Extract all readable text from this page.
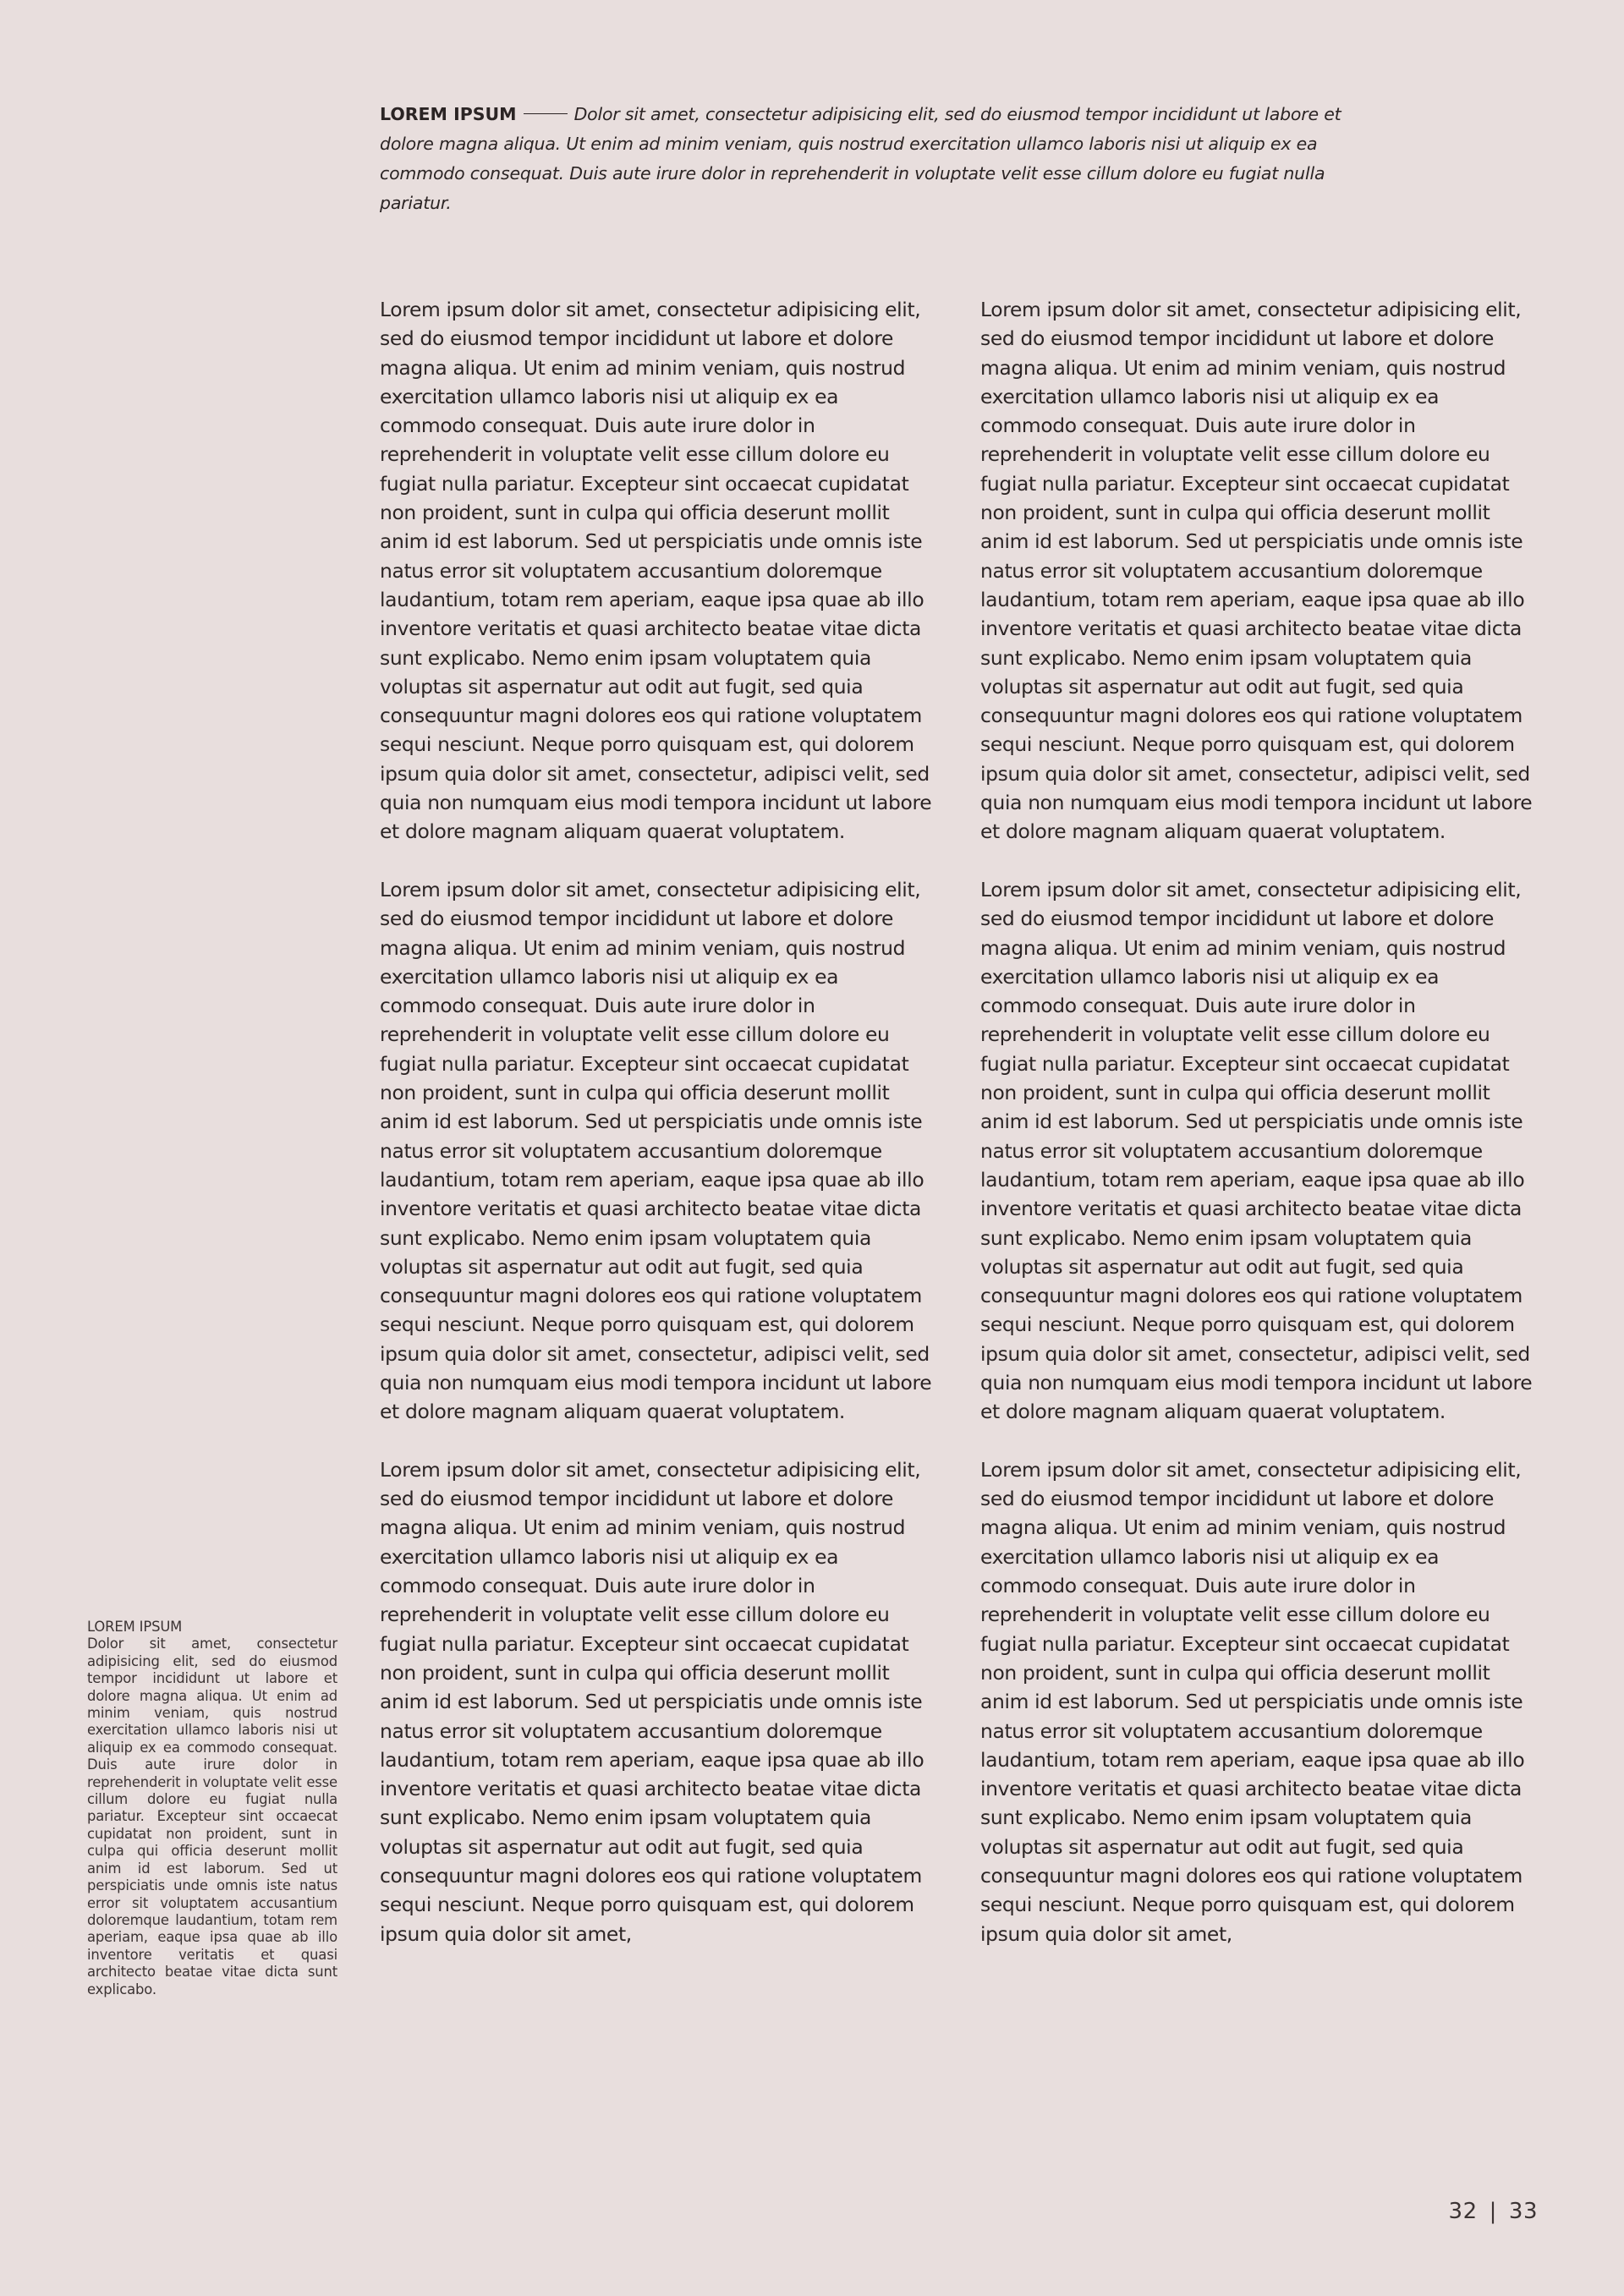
LOREM IPSUM	Dolor sit amet, consectetur adipisicing elit, sed do eiusmod tempor incididunt ut labore et dolore magna aliqua. Ut enim ad minim veniam, quis nostrud exercitation ullamco laboris nisi ut aliquip ex ea commodo consequat. Duis aute irure dolor in reprehenderit in voluptate velit esse cillum dolore eu fugiat nulla pariatur.

Lorem ipsum dolor sit amet, consectetur adipisicing elit, sed do eiusmod tempor incididunt ut labore et dolore magna aliqua. Ut enim ad minim veniam, quis nostrud exercitation ullamco laboris nisi ut aliquip ex ea commodo consequat. Duis aute irure dolor in reprehenderit in voluptate velit esse cillum dolore eu fugiat nulla pariatur. Excepteur sint occaecat cupidatat non proident, sunt in culpa qui officia deserunt mollit anim id est laborum. Sed ut perspiciatis unde omnis iste natus error sit voluptatem accusantium doloremque laudantium, totam rem aperiam, eaque ipsa quae ab illo inventore veritatis et quasi architecto beatae vitae dicta sunt explicabo. Nemo enim ipsam voluptatem quia voluptas sit aspernatur aut odit aut fugit, sed quia consequuntur magni dolores eos qui ratione voluptatem sequi nesciunt. Neque porro quisquam est, qui dolorem ipsum quia dolor sit amet, consectetur, adipisci velit, sed quia non numquam eius modi tempora incidunt ut labore et dolore magnam aliquam quaerat voluptatem.

Lorem ipsum dolor sit amet, consectetur adipisicing elit, sed do eiusmod tempor incididunt ut labore et dolore magna aliqua. Ut enim ad minim veniam, quis nostrud exercitation ullamco laboris nisi ut aliquip ex ea commodo consequat. Duis aute irure dolor in reprehenderit in voluptate velit esse cillum dolore eu fugiat nulla pariatur. Excepteur sint occaecat cupidatat non proident, sunt in culpa qui officia deserunt mollit anim id est laborum. Sed ut perspiciatis unde omnis iste natus error sit voluptatem accusantium doloremque laudantium, totam rem aperiam, eaque ipsa quae ab illo inventore veritatis et quasi architecto beatae vitae dicta sunt explicabo. Nemo enim ipsam voluptatem quia voluptas sit aspernatur aut odit aut fugit, sed quia consequuntur magni dolores eos qui ratione voluptatem sequi nesciunt. Neque porro quisquam est, qui dolorem ipsum quia dolor sit amet, consectetur, adipisci velit, sed quia non numquam eius modi tempora incidunt ut labore et dolore magnam aliquam quaerat voluptatem.

Lorem ipsum dolor sit amet, consectetur adipisicing elit, sed do eiusmod tempor incididunt ut labore et dolore magna aliqua. Ut enim ad minim veniam, quis nostrud exercitation ullamco laboris nisi ut aliquip ex ea commodo consequat. Duis aute irure dolor in reprehenderit in voluptate velit esse cillum dolore eu fugiat nulla pariatur. Excepteur sint occaecat cupidatat non proident, sunt in culpa qui officia deserunt mollit anim id est laborum. Sed ut perspiciatis unde omnis iste natus error sit voluptatem accusantium doloremque laudantium, totam rem aperiam, eaque ipsa quae ab illo inventore veritatis et quasi architecto beatae vitae dicta sunt explicabo. Nemo enim ipsam voluptatem quia voluptas sit aspernatur aut odit aut fugit, sed quia consequuntur magni dolores eos qui ratione voluptatem sequi nesciunt. Neque porro quisquam est, qui dolorem ipsum quia dolor sit amet,

Lorem ipsum dolor sit amet, consectetur adipisicing elit, sed do eiusmod tempor incididunt ut labore et dolore magna aliqua. Ut enim ad minim veniam, quis nostrud exercitation ullamco laboris nisi ut aliquip ex ea commodo consequat. Duis aute irure dolor in reprehenderit in voluptate velit esse cillum dolore eu fugiat nulla pariatur. Excepteur sint occaecat cupidatat non proident, sunt in culpa qui officia deserunt mollit anim id est laborum. Sed ut perspiciatis unde omnis iste natus error sit voluptatem accusantium doloremque laudantium, totam rem aperiam, eaque ipsa quae ab illo inventore veritatis et quasi architecto beatae vitae dicta sunt explicabo. Nemo enim ipsam voluptatem quia voluptas sit aspernatur aut odit aut fugit, sed quia consequuntur magni dolores eos qui ratione voluptatem sequi nesciunt. Neque porro quisquam est, qui dolorem ipsum quia dolor sit amet, consectetur, adipisci velit, sed quia non numquam eius modi tempora incidunt ut labore et dolore magnam aliquam quaerat voluptatem.

Lorem ipsum dolor sit amet, consectetur adipisicing elit, sed do eiusmod tempor incididunt ut labore et dolore magna aliqua. Ut enim ad minim veniam, quis nostrud exercitation ullamco laboris nisi ut aliquip ex ea commodo consequat. Duis aute irure dolor in reprehenderit in voluptate velit esse cillum dolore eu fugiat nulla pariatur. Excepteur sint occaecat cupidatat non proident, sunt in culpa qui officia deserunt mollit anim id est laborum. Sed ut perspiciatis unde omnis iste natus error sit voluptatem accusantium doloremque laudantium, totam rem aperiam, eaque ipsa quae ab illo inventore veritatis et quasi architecto beatae vitae dicta sunt explicabo. Nemo enim ipsam voluptatem quia voluptas sit aspernatur aut odit aut fugit, sed quia consequuntur magni dolores eos qui ratione voluptatem sequi nesciunt. Neque porro quisquam est, qui dolorem ipsum quia dolor sit amet, consectetur, adipisci velit, sed quia non numquam eius modi tempora incidunt ut labore et dolore magnam aliquam quaerat voluptatem.

Lorem ipsum dolor sit amet, consectetur adipisicing elit, sed do eiusmod tempor incididunt ut labore et dolore magna aliqua. Ut enim ad minim veniam, quis nostrud exercitation ullamco laboris nisi ut aliquip ex ea commodo consequat. Duis aute irure dolor in reprehenderit in voluptate velit esse cillum dolore eu fugiat nulla pariatur. Excepteur sint occaecat cupidatat non proident, sunt in culpa qui officia deserunt mollit anim id est laborum. Sed ut perspiciatis unde omnis iste natus error sit voluptatem accusantium doloremque laudantium, totam rem aperiam, eaque ipsa quae ab illo inventore veritatis et quasi architecto beatae vitae dicta sunt explicabo. Nemo enim ipsam voluptatem quia voluptas sit aspernatur aut odit aut fugit, sed quia consequuntur magni dolores eos qui ratione voluptatem sequi nesciunt. Neque porro quisquam est, qui dolorem ipsum quia dolor sit amet,

LOREM IPSUM
Dolor sit amet, consectetur adipisicing elit, sed do eiusmod tempor incididunt ut labore et dolore magna aliqua. Ut enim ad minim veniam, quis nostrud exercitation ullamco laboris nisi ut aliquip ex ea commodo consequat. Duis aute irure dolor in reprehenderit in voluptate velit esse cillum dolore eu fugiat nulla pariatur. Excepteur sint occaecat cupidatat non proident, sunt in culpa qui officia deserunt mollit anim id est laborum. Sed ut perspiciatis unde omnis iste natus error sit voluptatem accusantium doloremque laudantium, totam rem aperiam, eaque ipsa quae ab illo inventore veritatis et quasi architecto beatae vitae dicta sunt explicabo.
32 | 33
